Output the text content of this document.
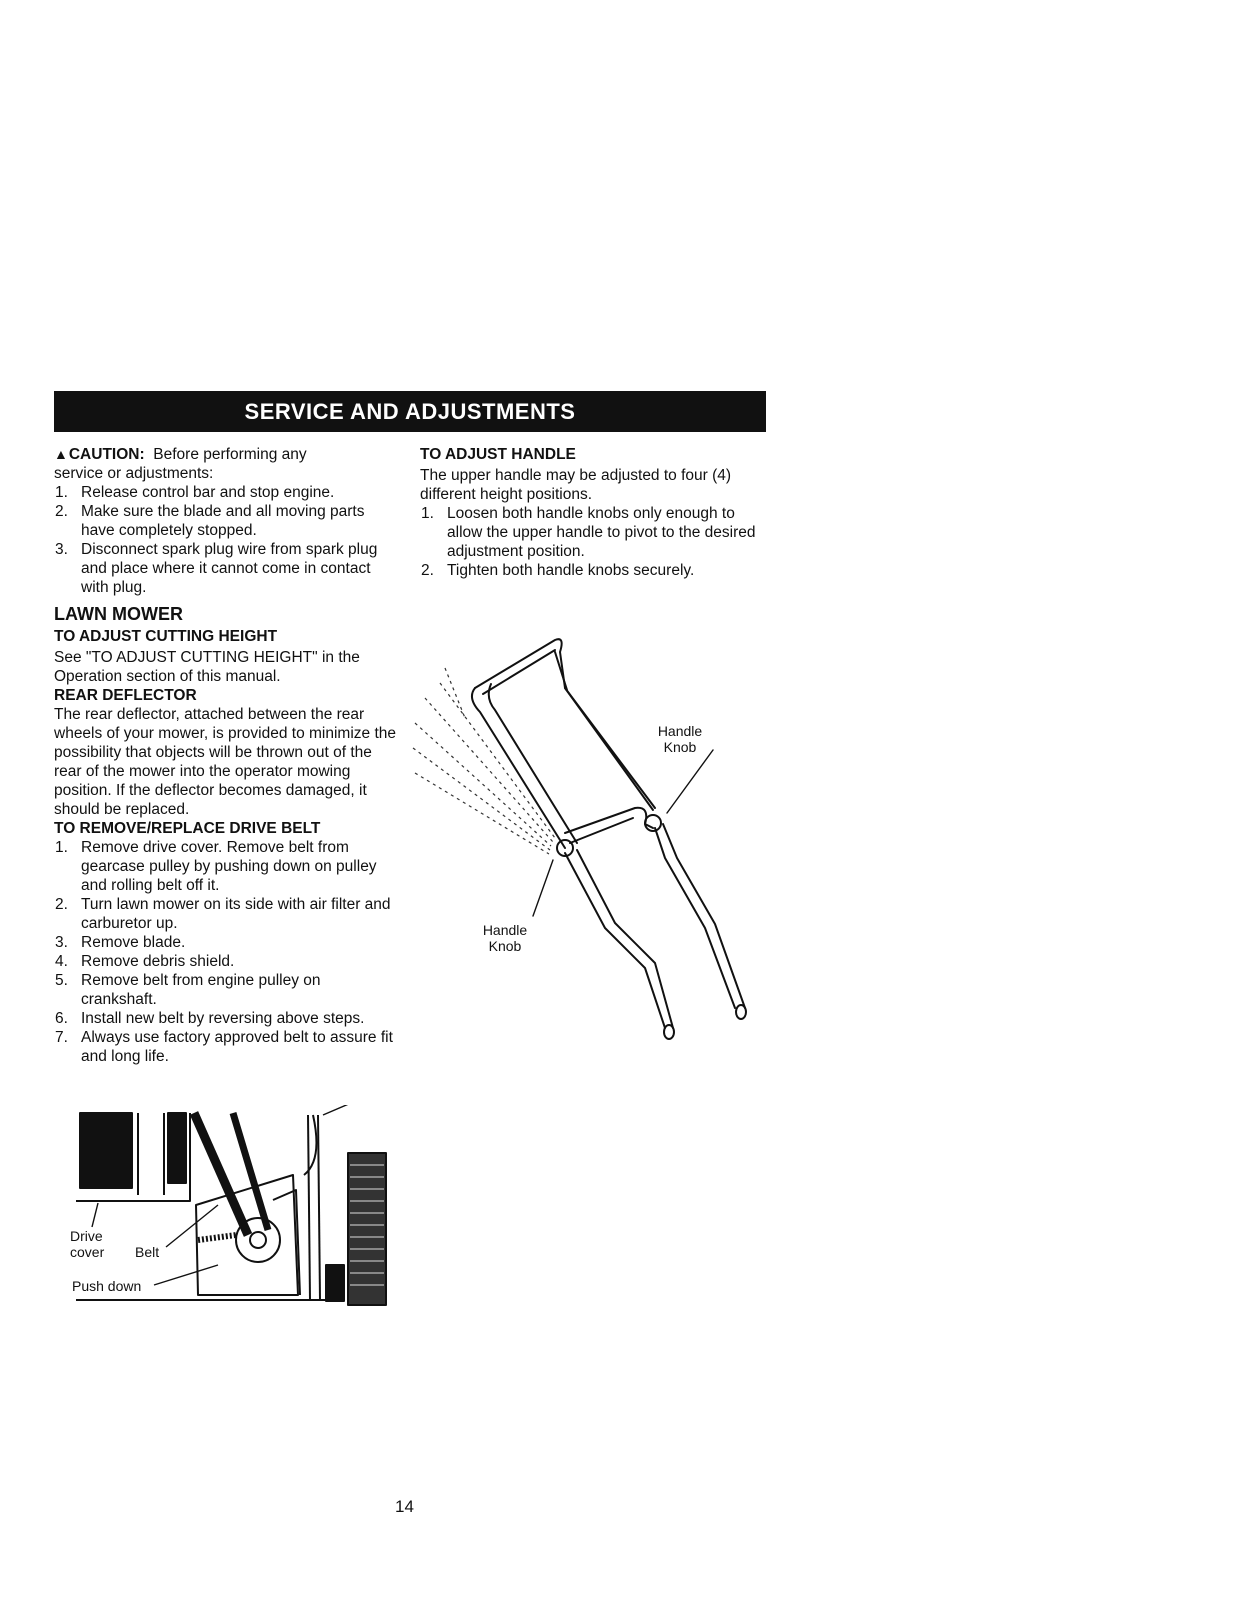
SERVICE AND ADJUSTMENTS

▲CAUTION: Before performing any
service or adjustments:

1. Release control bar and stop engine.
2. Make sure the blade and all moving parts have completely stopped.
3. Disconnect spark plug wire from spark plug and place where it cannot come in contact with plug.
LAWN MOWER
TO ADJUST CUTTING HEIGHT

See "TO ADJUST CUTTING HEIGHT" in the Operation section of this manual.

REAR DEFLECTOR

The rear deflector, attached between the rear wheels of your mower, is provided to minimize the possibility that objects will be thrown out of the rear of the mower into the operator mowing position. If the deflector becomes damaged, it should be replaced.

TO REMOVE/REPLACE DRIVE BELT
1. Remove drive cover. Remove belt from gearcase pulley by pushing down on pulley and rolling belt off it.
2. Turn lawn mower on its side with air filter and carburetor up.
3. Remove blade.
4. Remove debris shield.
5. Remove belt from engine pulley on crankshaft.
6. Install new belt by reversing above steps.
7. Always use factory approved belt to assure fit and long life.
TO ADJUST HANDLE

The upper handle may be adjusted to four (4) different height positions.

1. Loosen both handle knobs only enough to allow the upper handle to pivot to the desired adjustment position.
2. Tighten both handle knobs securely.
Handle
Knob
Handle
Knob
Drive
cover Belt
Push down
14
